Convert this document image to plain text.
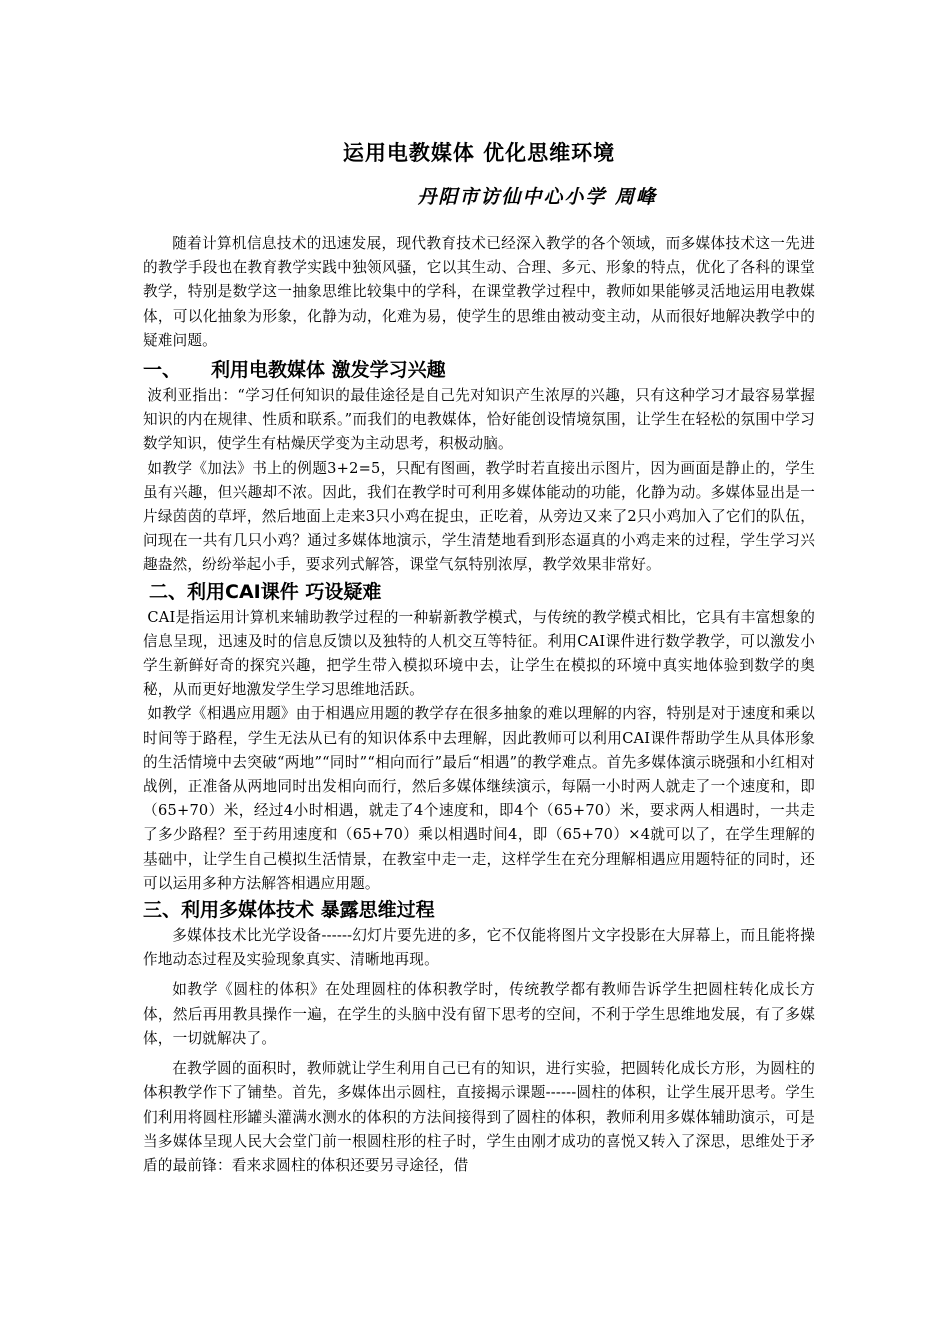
运用电教媒体 优化思维环境
丹阳市访仙中心小学 周峰

随着计算机信息技术的迅速发展，现代教育技术已经深入教学的各个领域，而多媒体技术这一先进的教学手段也在教育教学实践中独领风骚，它以其生动、合理、多元、形象的特点，优化了各科的课堂教学，特别是数学这一抽象思维比较集中的学科，在课堂教学过程中，教师如果能够灵活地运用电教媒体，可以化抽象为形象，化静为动，化难为易，使学生的思维由被动变主动，从而很好地解决教学中的疑难问题。

一、 利用电教媒体 激发学习兴趣

波利亚指出：“学习任何知识的最佳途径是自己先对知识产生浓厚的兴趣，只有这种学习才最容易掌握知识的内在规律、性质和联系。”而我们的电教媒体，恰好能创设情境氛围，让学生在轻松的氛围中学习数学知识，使学生有枯燥厌学变为主动思考，积极动脑。

如教学《加法》书上的例题3+2=5，只配有图画，教学时若直接出示图片，因为画面是静止的，学生虽有兴趣，但兴趣却不浓。因此，我们在教学时可利用多媒体能动的功能，化静为动。多媒体显出是一片绿茵茵的草坪，然后地面上走来3只小鸡在捉虫，正吃着，从旁边又来了2只小鸡加入了它们的队伍，问现在一共有几只小鸡？通过多媒体地演示，学生清楚地看到形态逼真的小鸡走来的过程，学生学习兴趣盎然，纷纷举起小手，要求列式解答，课堂气氛特别浓厚，教学效果非常好。

二、利用CAI课件 巧设疑难

CAI是指运用计算机来辅助教学过程的一种崭新教学模式，与传统的教学模式相比，它具有丰富想象的信息呈现，迅速及时的信息反馈以及独特的人机交互等特征。利用CAI课件进行数学教学，可以激发小学生新鲜好奇的探究兴趣，把学生带入模拟环境中去，让学生在模拟的环境中真实地体验到数学的奥秘，从而更好地激发学生学习思维地活跃。

如教学《相遇应用题》由于相遇应用题的教学存在很多抽象的难以理解的内容，特别是对于速度和乘以时间等于路程，学生无法从已有的知识体系中去理解，因此教师可以利用CAI课件帮助学生从具体形象的生活情境中去突破“两地”“同时”“相向而行”最后“相遇”的教学难点。首先多媒体演示晓强和小红相对战例，正准备从两地同时出发相向而行，然后多媒体继续演示，每隔一小时两人就走了一个速度和，即（65+70）米，经过4小时相遇，就走了4个速度和，即4个（65+70）米，要求两人相遇时，一共走了多少路程？至于药用速度和（65+70）乘以相遇时间4，即（65+70）×4就可以了，在学生理解的基础中，让学生自己模拟生活情景，在教室中走一走，这样学生在充分理解相遇应用题特征的同时，还可以运用多种方法解答相遇应用题。

三、利用多媒体技术 暴露思维过程

多媒体技术比光学设备------幻灯片要先进的多，它不仅能将图片文字投影在大屏幕上，而且能将操作地动态过程及实验现象真实、清晰地再现。

如教学《圆柱的体积》在处理圆柱的体积教学时，传统教学都有教师告诉学生把圆柱转化成长方体，然后再用教具操作一遍，在学生的头脑中没有留下思考的空间，不利于学生思维地发展，有了多媒体，一切就解决了。

在教学圆的面积时，教师就让学生利用自己已有的知识，进行实验，把圆转化成长方形，为圆柱的体积教学作下了铺垫。首先，多媒体出示圆柱，直接揭示课题------圆柱的体积，让学生展开思考。学生们利用将圆柱形罐头灌满水测水的体积的方法间接得到了圆柱的体积，教师利用多媒体辅助演示，可是当多媒体呈现人民大会堂门前一根圆柱形的柱子时，学生由刚才成功的喜悦又转入了深思，思维处于矛盾的最前锋：看来求圆柱的体积还要另寻途径，借
